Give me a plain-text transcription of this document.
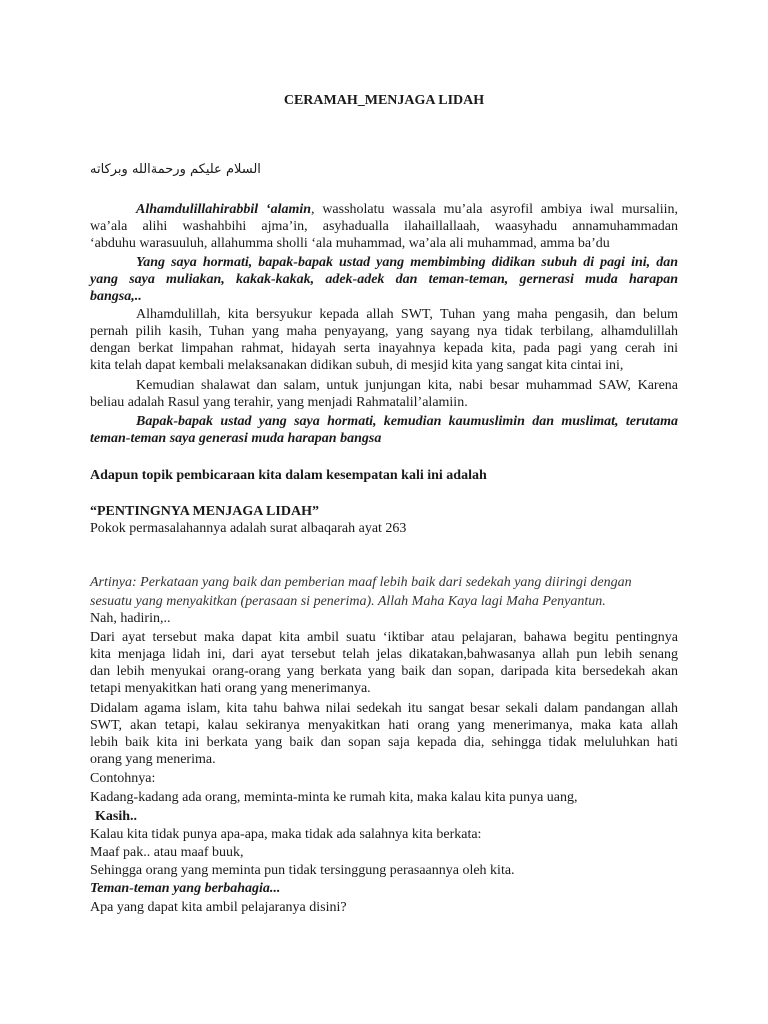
CERAMAH_MENJAGA LIDAH
السلام عليكم ورحمةالله وبركاته
Alhamdulillahirabbil ‘alamin, wassholatu wassala mu’ala asyrofil ambiya iwal mursaliin,
wa’ala alihi washahbihi ajma’in, asyhadualla ilahaillallaah, waasyhadu annamuhammadan
‘abduhu warasuuluh, allahumma sholli ‘ala muhammad, wa’ala ali muhammad, amma ba’du
Yang saya hormati, bapak-bapak ustad yang membimbing didikan subuh di pagi ini, dan
yang saya muliakan, kakak-kakak, adek-adek dan teman-teman, gernerasi muda harapan
bangsa,..
Alhamdulillah, kita bersyukur kepada allah SWT, Tuhan yang maha pengasih, dan belum
pernah pilih kasih, Tuhan yang maha penyayang, yang sayang nya tidak terbilang, alhamdulillah
dengan berkat limpahan rahmat, hidayah serta inayahnya kepada kita, pada pagi yang cerah ini
kita telah dapat kembali melaksanakan didikan subuh, di mesjid kita yang sangat kita cintai ini,
Kemudian shalawat dan salam, untuk junjungan kita, nabi besar muhammad SAW, Karena
beliau adalah Rasul yang terahir, yang menjadi Rahmatalil’alamiin.
Bapak-bapak ustad yang saya hormati, kemudian kaumuslimin dan muslimat, terutama
teman-teman saya generasi muda harapan bangsa
Adapun topik pembicaraan kita dalam kesempatan kali ini adalah
“PENTINGNYA MENJAGA LIDAH”
Pokok permasalahannya adalah surat albaqarah ayat 263
Artinya: Perkataan yang baik dan pemberian maaf lebih baik dari sedekah yang diiringi dengan
sesuatu yang menyakitkan (perasaan si penerima). Allah Maha Kaya lagi Maha Penyantun.
Nah, hadirin,..
Dari ayat tersebut maka dapat kita ambil suatu ‘iktibar atau pelajaran, bahawa begitu pentingnya
kita menjaga lidah ini, dari ayat tersebut telah jelas dikatakan,bahwasanya allah pun lebih senang
dan lebih menyukai orang-orang yang berkata yang baik dan sopan, daripada kita bersedekah akan
tetapi menyakitkan hati orang yang menerimanya.
Didalam agama islam, kita tahu bahwa nilai sedekah itu sangat besar sekali dalam pandangan allah
SWT, akan tetapi, kalau sekiranya menyakitkan hati orang yang menerimanya, maka kata allah
lebih baik kita ini berkata yang baik dan sopan saja kepada dia, sehingga tidak meluluhkan hati
orang yang menerima.
Contohnya:
Kadang-kadang ada orang, meminta-minta ke rumah kita, maka kalau kita punya uang,
Kasih..
Kalau kita tidak punya apa-apa, maka tidak ada salahnya kita berkata:
Maaf pak.. atau maaf buuk,
Sehingga orang yang meminta pun tidak tersinggung perasaannya oleh kita.
Teman-teman yang berbahagia...
Apa yang dapat kita ambil pelajaranya disini?
